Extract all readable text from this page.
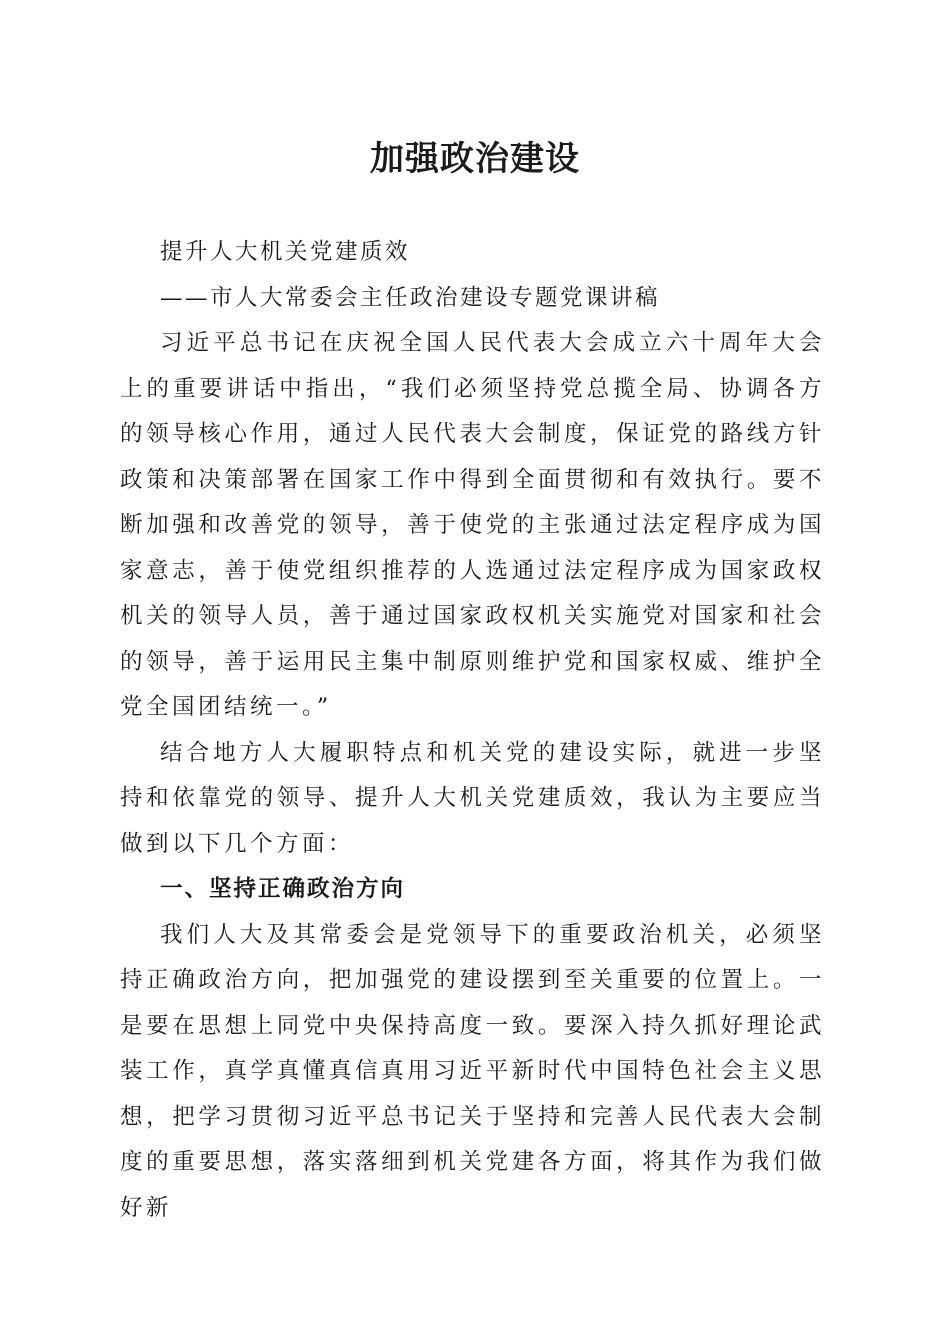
加强政治建设

提升人大机关党建质效

——市人大常委会主任政治建设专题党课讲稿

习近平总书记在庆祝全国人民代表大会成立六十周年大会上的重要讲话中指出，“我们必须坚持党总揽全局、协调各方的领导核心作用，通过人民代表大会制度，保证党的路线方针政策和决策部署在国家工作中得到全面贯彻和有效执行。要不断加强和改善党的领导，善于使党的主张通过法定程序成为国家意志，善于使党组织推荐的人选通过法定程序成为国家政权机关的领导人员，善于通过国家政权机关实施党对国家和社会的领导，善于运用民主集中制原则维护党和国家权威、维护全党全国团结统一。”

结合地方人大履职特点和机关党的建设实际，就进一步坚持和依靠党的领导、提升人大机关党建质效，我认为主要应当做到以下几个方面：

一、坚持正确政治方向

我们人大及其常委会是党领导下的重要政治机关，必须坚持正确政治方向，把加强党的建设摆到至关重要的位置上。一是要在思想上同党中央保持高度一致。要深入持久抓好理论武装工作，真学真懂真信真用习近平新时代中国特色社会主义思想，把学习贯彻习近平总书记关于坚持和完善人民代表大会制度的重要思想，落实落细到机关党建各方面，将其作为我们做好新
